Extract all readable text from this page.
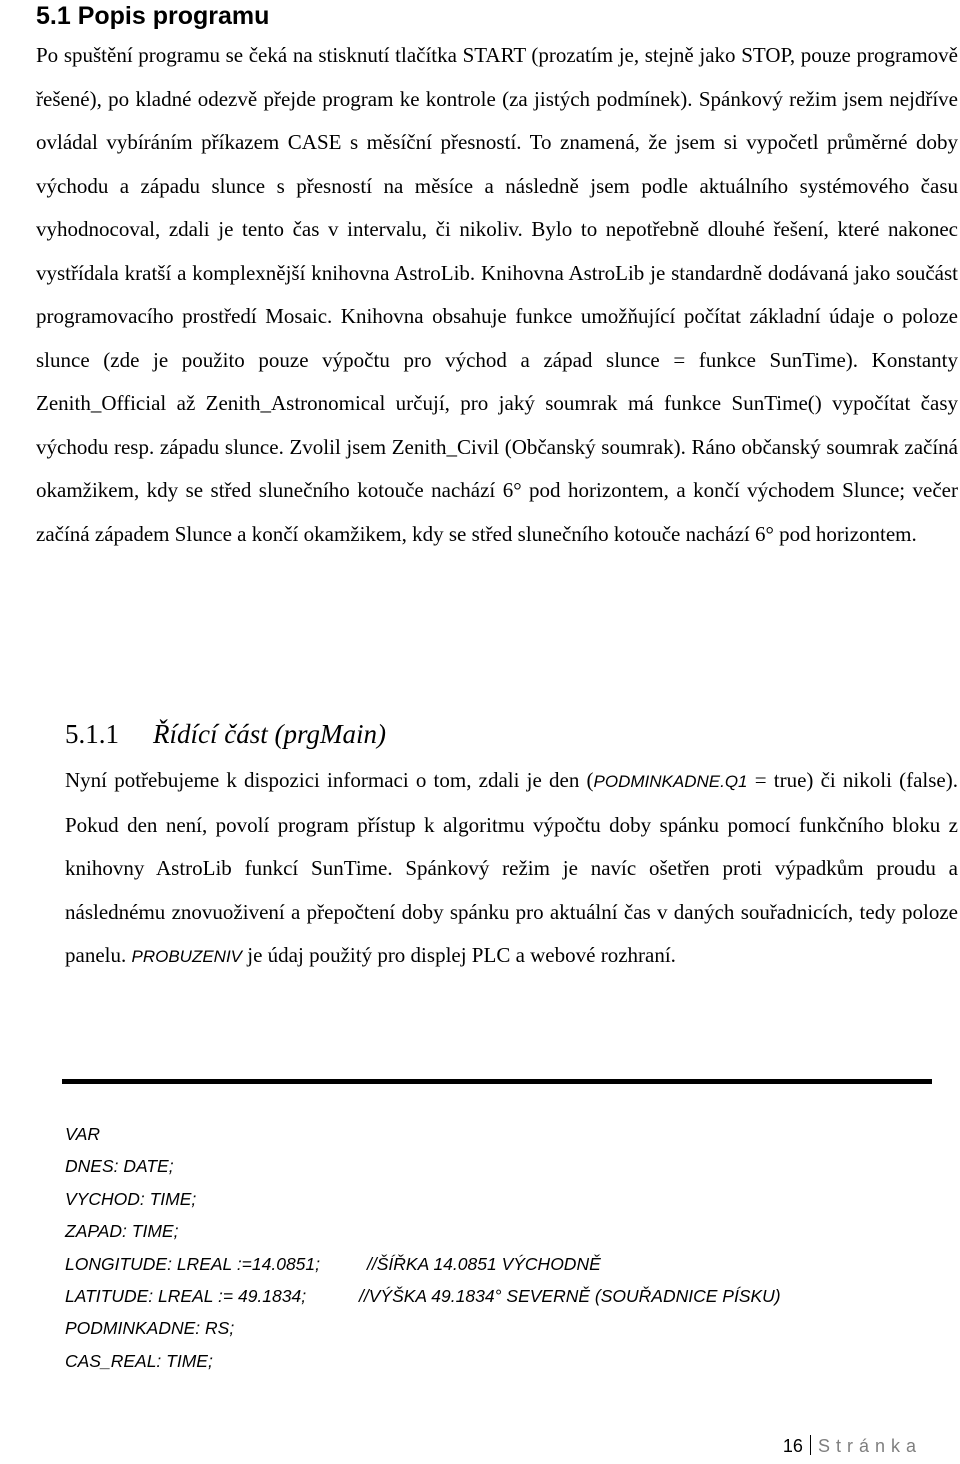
5.1 Popis programu

Po spuštění programu se čeká na stisknutí tlačítka START (prozatím je, stejně jako STOP, pouze programově řešené), po kladné odezvě přejde program ke kontrole (za jistých podmínek). Spánkový režim jsem nejdříve ovládal vybíráním příkazem CASE s měsíční přesností. To znamená, že jsem si vypočetl průměrné doby východu a západu slunce s přesností na měsíce a následně jsem podle aktuálního systémového času vyhodnocoval, zdali je tento čas v intervalu, či nikoliv. Bylo to nepotřebně dlouhé řešení, které nakonec vystřídala kratší a komplexnější knihovna AstroLib. Knihovna AstroLib je standardně dodávaná jako součást programovacího prostředí Mosaic. Knihovna obsahuje funkce umožňující počítat základní údaje o poloze slunce (zde je použito pouze výpočtu pro východ a západ slunce = funkce SunTime). Konstanty Zenith_Official až Zenith_Astronomical určují, pro jaký soumrak má funkce SunTime() vypočítat časy východu resp. západu slunce. Zvolil jsem Zenith_Civil (Občanský soumrak). Ráno občanský soumrak začíná okamžikem, kdy se střed slunečního kotouče nachází 6° pod horizontem, a končí východem Slunce; večer začíná západem Slunce a končí okamžikem, kdy se střed slunečního kotouče nachází 6° pod horizontem.

5.1.1 Řídící část (prgMain)

Nyní potřebujeme k dispozici informaci o tom, zdali je den (PODMINKADNE.Q1 = true) či nikoli (false). Pokud den není, povolí program přístup k algoritmu výpočtu doby spánku pomocí funkčního bloku z knihovny AstroLib funkcí SunTime. Spánkový režim je navíc ošetřen proti výpadkům proudu a následnému znovuoživení a přepočtení doby spánku pro aktuální čas v daných souřadnicích, tedy poloze panelu. PROBUZENIV je údaj použitý pro displej PLC a webové rozhraní.

VAR
DNES: DATE;
VYCHOD: TIME;
ZAPAD: TIME;
LONGITUDE: LREAL :=14.0851;	//ŠÍŘKA 14.0851 VÝCHODNĚ
LATITUDE: LREAL := 49.1834;	//VÝŠKA 49.1834° SEVERNĚ (SOUŘADNICE PÍSKU)
PODMINKADNE: RS;
CAS_REAL: TIME;
16 Stránka
